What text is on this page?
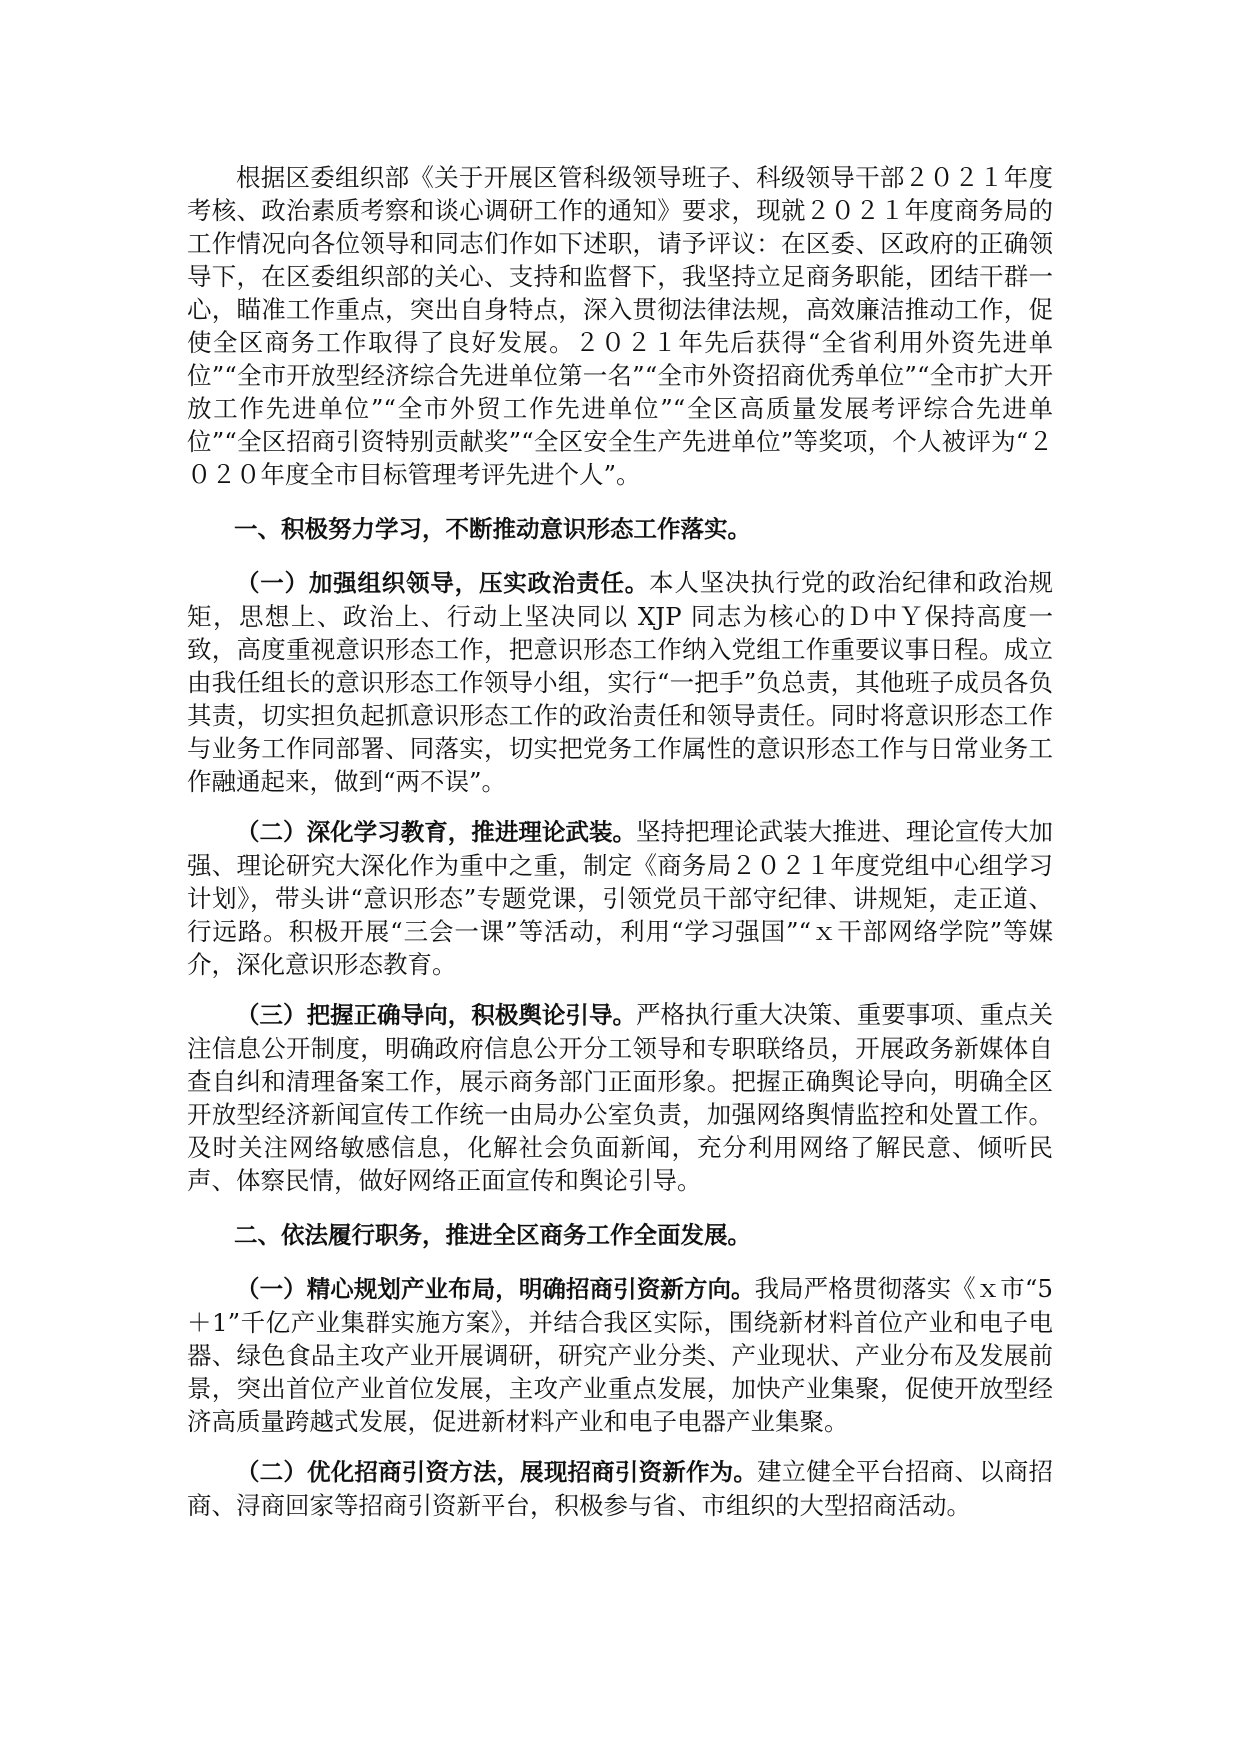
根据区委组织部《关于开展区管科级领导班子、科级领导干部２０２１年度考核、政治素质考察和谈心调研工作的通知》要求，现就２０２１年度商务局的工作情况向各位领导和同志们作如下述职，请予评议：在区委、区政府的正确领导下，在区委组织部的关心、支持和监督下，我坚持立足商务职能，团结干群一心，瞄准工作重点，突出自身特点，深入贯彻法律法规，高效廉洁推动工作，促使全区商务工作取得了良好发展。２０２１年先后获得“全省利用外资先进单位”“全市开放型经济综合先进单位第一名”“全市外资招商优秀单位”“全市扩大开放工作先进单位”“全市外贸工作先进单位”“全区高质量发展考评综合先进单位”“全区招商引资特别贡献奖”“全区安全生产先进单位”等奖项，个人被评为“２０２０年度全市目标管理考评先进个人”。

一、积极努力学习，不断推动意识形态工作落实。

（一）加强组织领导，压实政治责任。本人坚决执行党的政治纪律和政治规矩，思想上、政治上、行动上坚决同以 XJP 同志为核心的Ｄ中Ｙ保持高度一致，高度重视意识形态工作，把意识形态工作纳入党组工作重要议事日程。成立由我任组长的意识形态工作领导小组，实行“一把手”负总责，其他班子成员各负其责，切实担负起抓意识形态工作的政治责任和领导责任。同时将意识形态工作与业务工作同部署、同落实，切实把党务工作属性的意识形态工作与日常业务工作融通起来，做到“两不误”。

（二）深化学习教育，推进理论武装。坚持把理论武装大推进、理论宣传大加强、理论研究大深化作为重中之重，制定《商务局２０２１年度党组中心组学习计划》，带头讲“意识形态”专题党课，引领党员干部守纪律、讲规矩，走正道、行远路。积极开展“三会一课”等活动，利用“学习强国”“ｘ干部网络学院”等媒介，深化意识形态教育。

（三）把握正确导向，积极舆论引导。严格执行重大决策、重要事项、重点关注信息公开制度，明确政府信息公开分工领导和专职联络员，开展政务新媒体自查自纠和清理备案工作，展示商务部门正面形象。把握正确舆论导向，明确全区开放型经济新闻宣传工作统一由局办公室负责，加强网络舆情监控和处置工作。及时关注网络敏感信息，化解社会负面新闻，充分利用网络了解民意、倾听民声、体察民情，做好网络正面宣传和舆论引导。

二、依法履行职务，推进全区商务工作全面发展。

（一）精心规划产业布局，明确招商引资新方向。我局严格贯彻落实《ｘ市“5＋1”千亿产业集群实施方案》，并结合我区实际，围绕新材料首位产业和电子电器、绿色食品主攻产业开展调研，研究产业分类、产业现状、产业分布及发展前景，突出首位产业首位发展，主攻产业重点发展，加快产业集聚，促使开放型经济高质量跨越式发展，促进新材料产业和电子电器产业集聚。

（二）优化招商引资方法，展现招商引资新作为。建立健全平台招商、以商招商、浔商回家等招商引资新平台，积极参与省、市组织的大型招商活动。
